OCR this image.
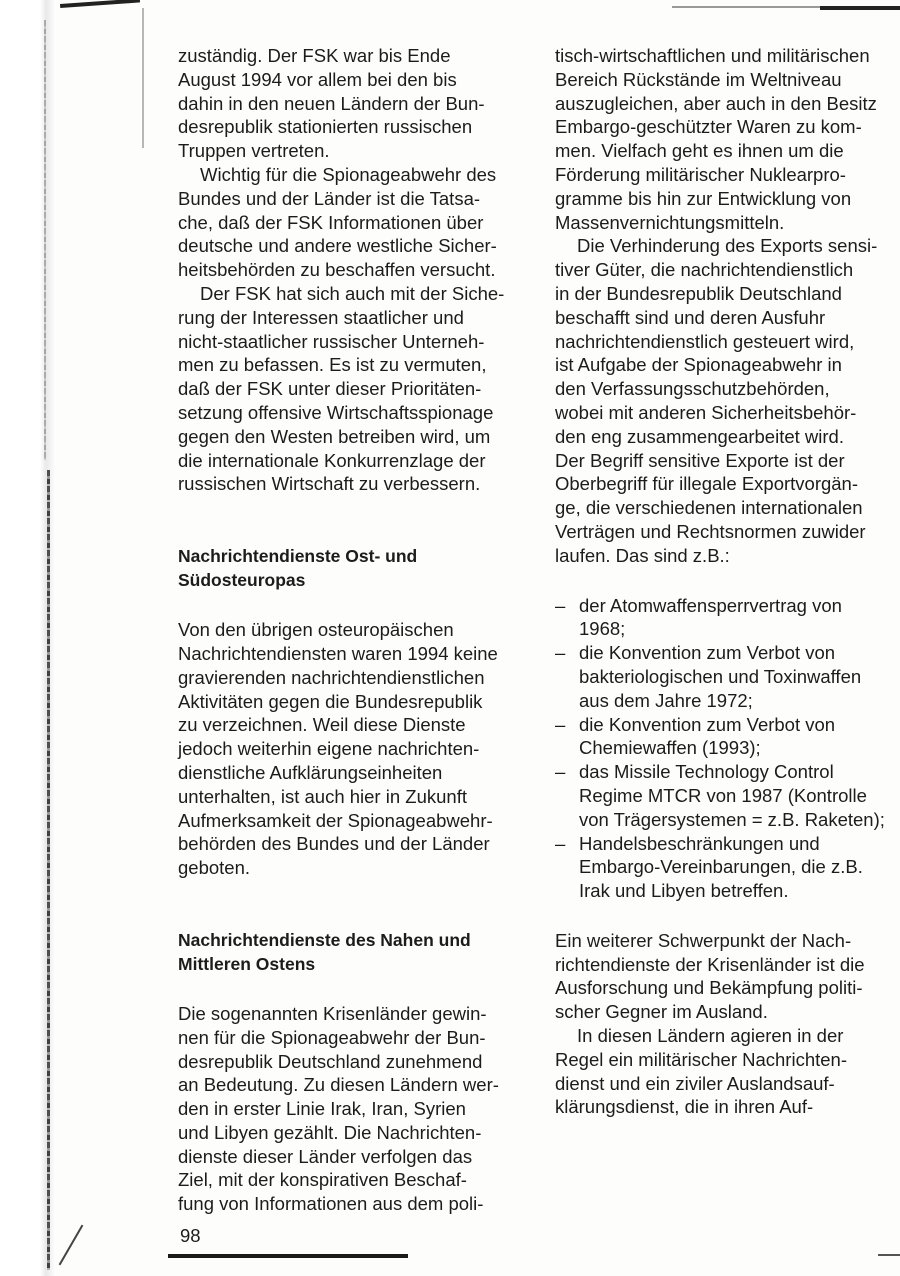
zuständig. Der FSK war bis Ende
August 1994 vor allem bei den bis
dahin in den neuen Ländern der Bun-
desrepublik stationierten russischen
Truppen vertreten.

Wichtig für die Spionageabwehr des
Bundes und der Länder ist die Tatsa-
che, daß der FSK Informationen über
deutsche und andere westliche Sicher-
heitsbehörden zu beschaffen versucht.

Der FSK hat sich auch mit der Siche-
rung der Interessen staatlicher und
nicht-staatlicher russischer Unterneh-
men zu befassen. Es ist zu vermuten,
daß der FSK unter dieser Prioritäten-
setzung offensive Wirtschaftsspionage
gegen den Westen betreiben wird, um
die internationale Konkurrenzlage der
russischen Wirtschaft zu verbessern.

Nachrichtendienste Ost- und
Südosteuropas

Von den übrigen osteuropäischen
Nachrichtendiensten waren 1994 keine
gravierenden nachrichtendienstlichen
Aktivitäten gegen die Bundesrepublik
zu verzeichnen. Weil diese Dienste
jedoch weiterhin eigene nachrichten-
dienstliche Aufklärungseinheiten
unterhalten, ist auch hier in Zukunft
Aufmerksamkeit der Spionageabwehr-
behörden des Bundes und der Länder
geboten.

Nachrichtendienste des Nahen und
Mittleren Ostens

Die sogenannten Krisenländer gewin-
nen für die Spionageabwehr der Bun-
desrepublik Deutschland zunehmend
an Bedeutung. Zu diesen Ländern wer-
den in erster Linie Irak, Iran, Syrien
und Libyen gezählt. Die Nachrichten-
dienste dieser Länder verfolgen das
Ziel, mit der konspirativen Beschaf-
fung von Informationen aus dem poli-

tisch-wirtschaftlichen und militärischen
Bereich Rückstände im Weltniveau
auszugleichen, aber auch in den Besitz
Embargo-geschützter Waren zu kom-
men. Vielfach geht es ihnen um die
Förderung militärischer Nuklearpro-
gramme bis hin zur Entwicklung von
Massenvernichtungsmitteln.

Die Verhinderung des Exports sensi-
tiver Güter, die nachrichtendienstlich
in der Bundesrepublik Deutschland
beschafft sind und deren Ausfuhr
nachrichtendienstlich gesteuert wird,
ist Aufgabe der Spionageabwehr in
den Verfassungsschutzbehörden,
wobei mit anderen Sicherheitsbehör-
den eng zusammengearbeitet wird.
Der Begriff sensitive Exporte ist der
Oberbegriff für illegale Exportvorgän-
ge, die verschiedenen internationalen
Verträgen und Rechtsnormen zuwider
laufen. Das sind z.B.:

– der Atomwaffensperrvertrag von
1968;
– die Konvention zum Verbot von
bakteriologischen und Toxinwaffen
aus dem Jahre 1972;
– die Konvention zum Verbot von
Chemiewaffen (1993);
– das Missile Technology Control
Regime MTCR von 1987 (Kontrolle
von Trägersystemen = z.B. Raketen);
– Handelsbeschränkungen und
Embargo-Vereinbarungen, die z.B.
Irak und Libyen betreffen.

Ein weiterer Schwerpunkt der Nach-
richtendienste der Krisenländer ist die
Ausforschung und Bekämpfung politi-
scher Gegner im Ausland.

In diesen Ländern agieren in der
Regel ein militärischer Nachrichten-
dienst und ein ziviler Auslandsauf-
klärungsdienst, die in ihren Auf-

98
